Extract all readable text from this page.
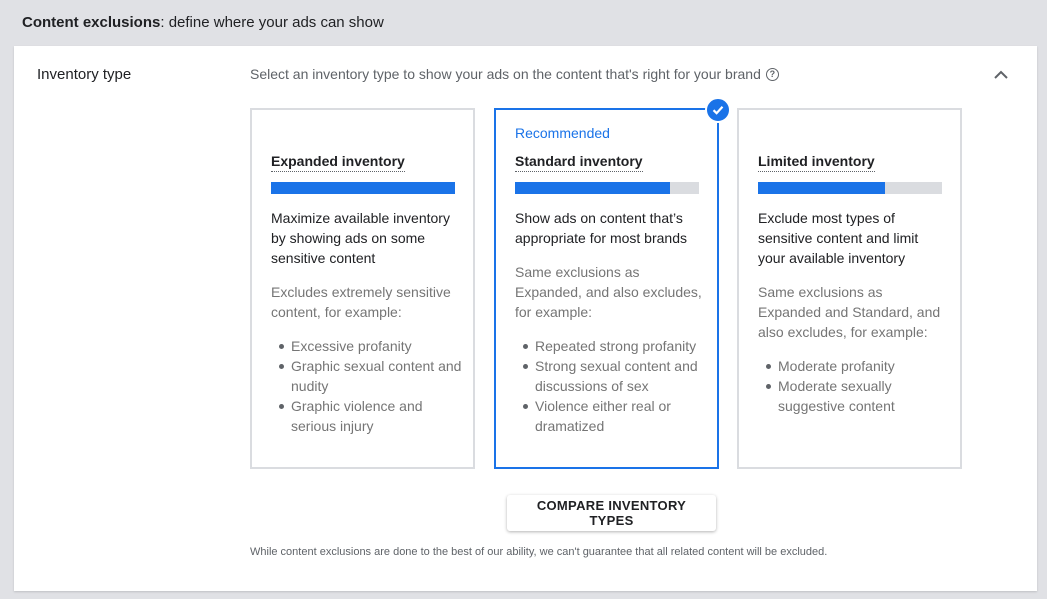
Content exclusions: define where your ads can show
Inventory type	Select an inventory type to show your ads on the content that's right for your brand ?
Expanded inventory
Maximize available inventory by showing ads on some sensitive content
Excludes extremely sensitive content, for example:
Excessive profanity
Graphic sexual content and nudity
Graphic violence and serious injury
Recommended
Standard inventory
Show ads on content that’s appropriate for most brands
Same exclusions as Expanded, and also excludes, for example:
Repeated strong profanity
Strong sexual content and discussions of sex
Violence either real or dramatized
Limited inventory
Exclude most types of sensitive content and limit your available inventory
Same exclusions as Expanded and Standard, and also excludes, for example:
Moderate profanity
Moderate sexually suggestive content
COMPARE INVENTORY TYPES
While content exclusions are done to the best of our ability, we can't guarantee that all related content will be excluded.
